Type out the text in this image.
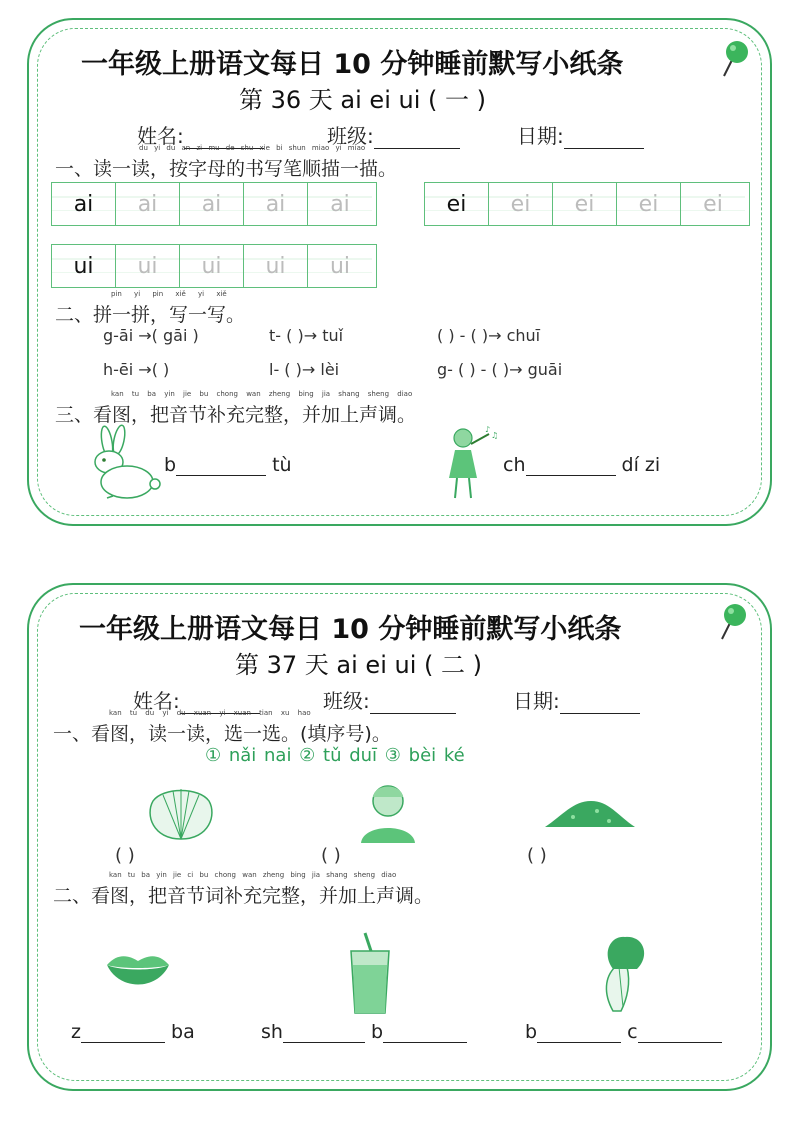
一年级上册语文每日 10 分钟睡前默写小纸条
第 36 天 ai ei ui ( 一 )
姓名:	班级:	日期:
du yi du an zi mu de shu xie bi shun miao yi miao
一、读一读，按字母的书写笔顺描一描。
ai	ai	ai	ai	ai	ei	ei	ei	ei	ei
ui	ui	ui	ui	ui
pin yi pin xiě yi xiě
二、拼一拼，写一写。
g-āi →( gāi )	t- ( )→ tuǐ	( ) - ( )→ chuī
h-ēi →( )	l- ( )→ lèi	g- ( ) - ( )→ guāi
kan tu ba yin jie bu chong wan zheng bing jia shang sheng diao
三、看图，把音节补充完整，并加上声调。
b	tù
♪
♫
ch	dí zi
一年级上册语文每日 10 分钟睡前默写小纸条
第 37 天 ai ei ui ( 二 )
姓名:	班级:	日期:
kan tu du yi du xuan yi xuan tian xu hao
一、看图，读一读，选一选。(填序号)。
① nǎi nai ② tǔ duī ③ bèi ké
( )	( )	( )
kan tu ba yin jie ci bu chong wan zheng bing jia shang sheng diao
二、看图，把音节词补充完整，并加上声调。
z	ba	sh	b	b	c
